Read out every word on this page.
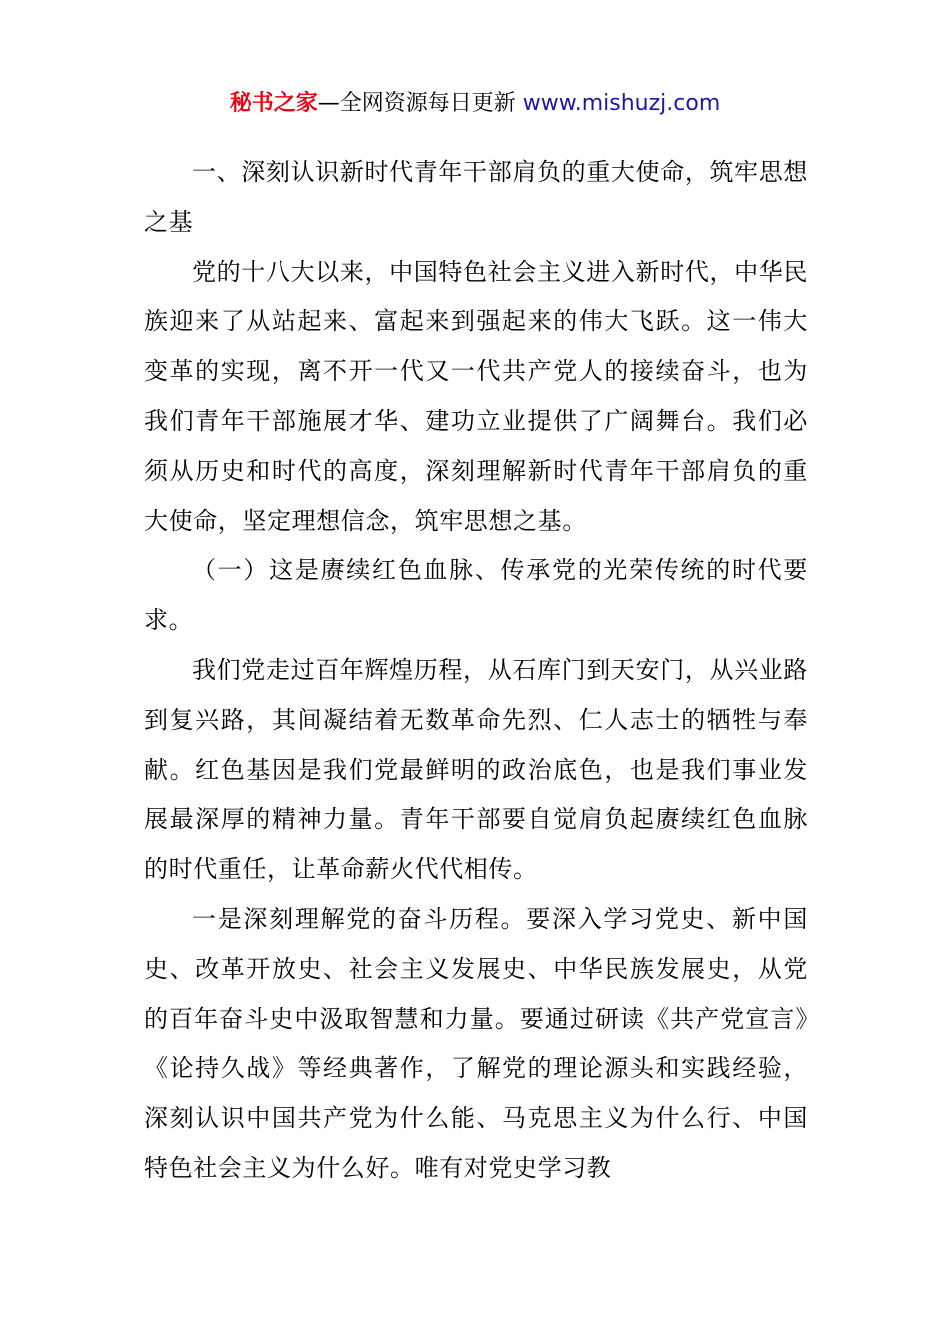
秘书之家—全网资源每日更新 www.mishuzj.com

一、深刻认识新时代青年干部肩负的重大使命，筑牢思想之基

党的十八大以来，中国特色社会主义进入新时代，中华民族迎来了从站起来、富起来到强起来的伟大飞跃。这一伟大变革的实现，离不开一代又一代共产党人的接续奋斗，也为我们青年干部施展才华、建功立业提供了广阔舞台。我们必须从历史和时代的高度，深刻理解新时代青年干部肩负的重大使命，坚定理想信念，筑牢思想之基。

（一）这是赓续红色血脉、传承党的光荣传统的时代要求。

我们党走过百年辉煌历程，从石库门到天安门，从兴业路到复兴路，其间凝结着无数革命先烈、仁人志士的牺牲与奉献。红色基因是我们党最鲜明的政治底色，也是我们事业发展最深厚的精神力量。青年干部要自觉肩负起赓续红色血脉的时代重任，让革命薪火代代相传。

一是深刻理解党的奋斗历程。要深入学习党史、新中国史、改革开放史、社会主义发展史、中华民族发展史，从党的百年奋斗史中汲取智慧和力量。要通过研读《共产党宣言》《论持久战》等经典著作，了解党的理论源头和实践经验，深刻认识中国共产党为什么能、马克思主义为什么行、中国特色社会主义为什么好。唯有对党史学习教
